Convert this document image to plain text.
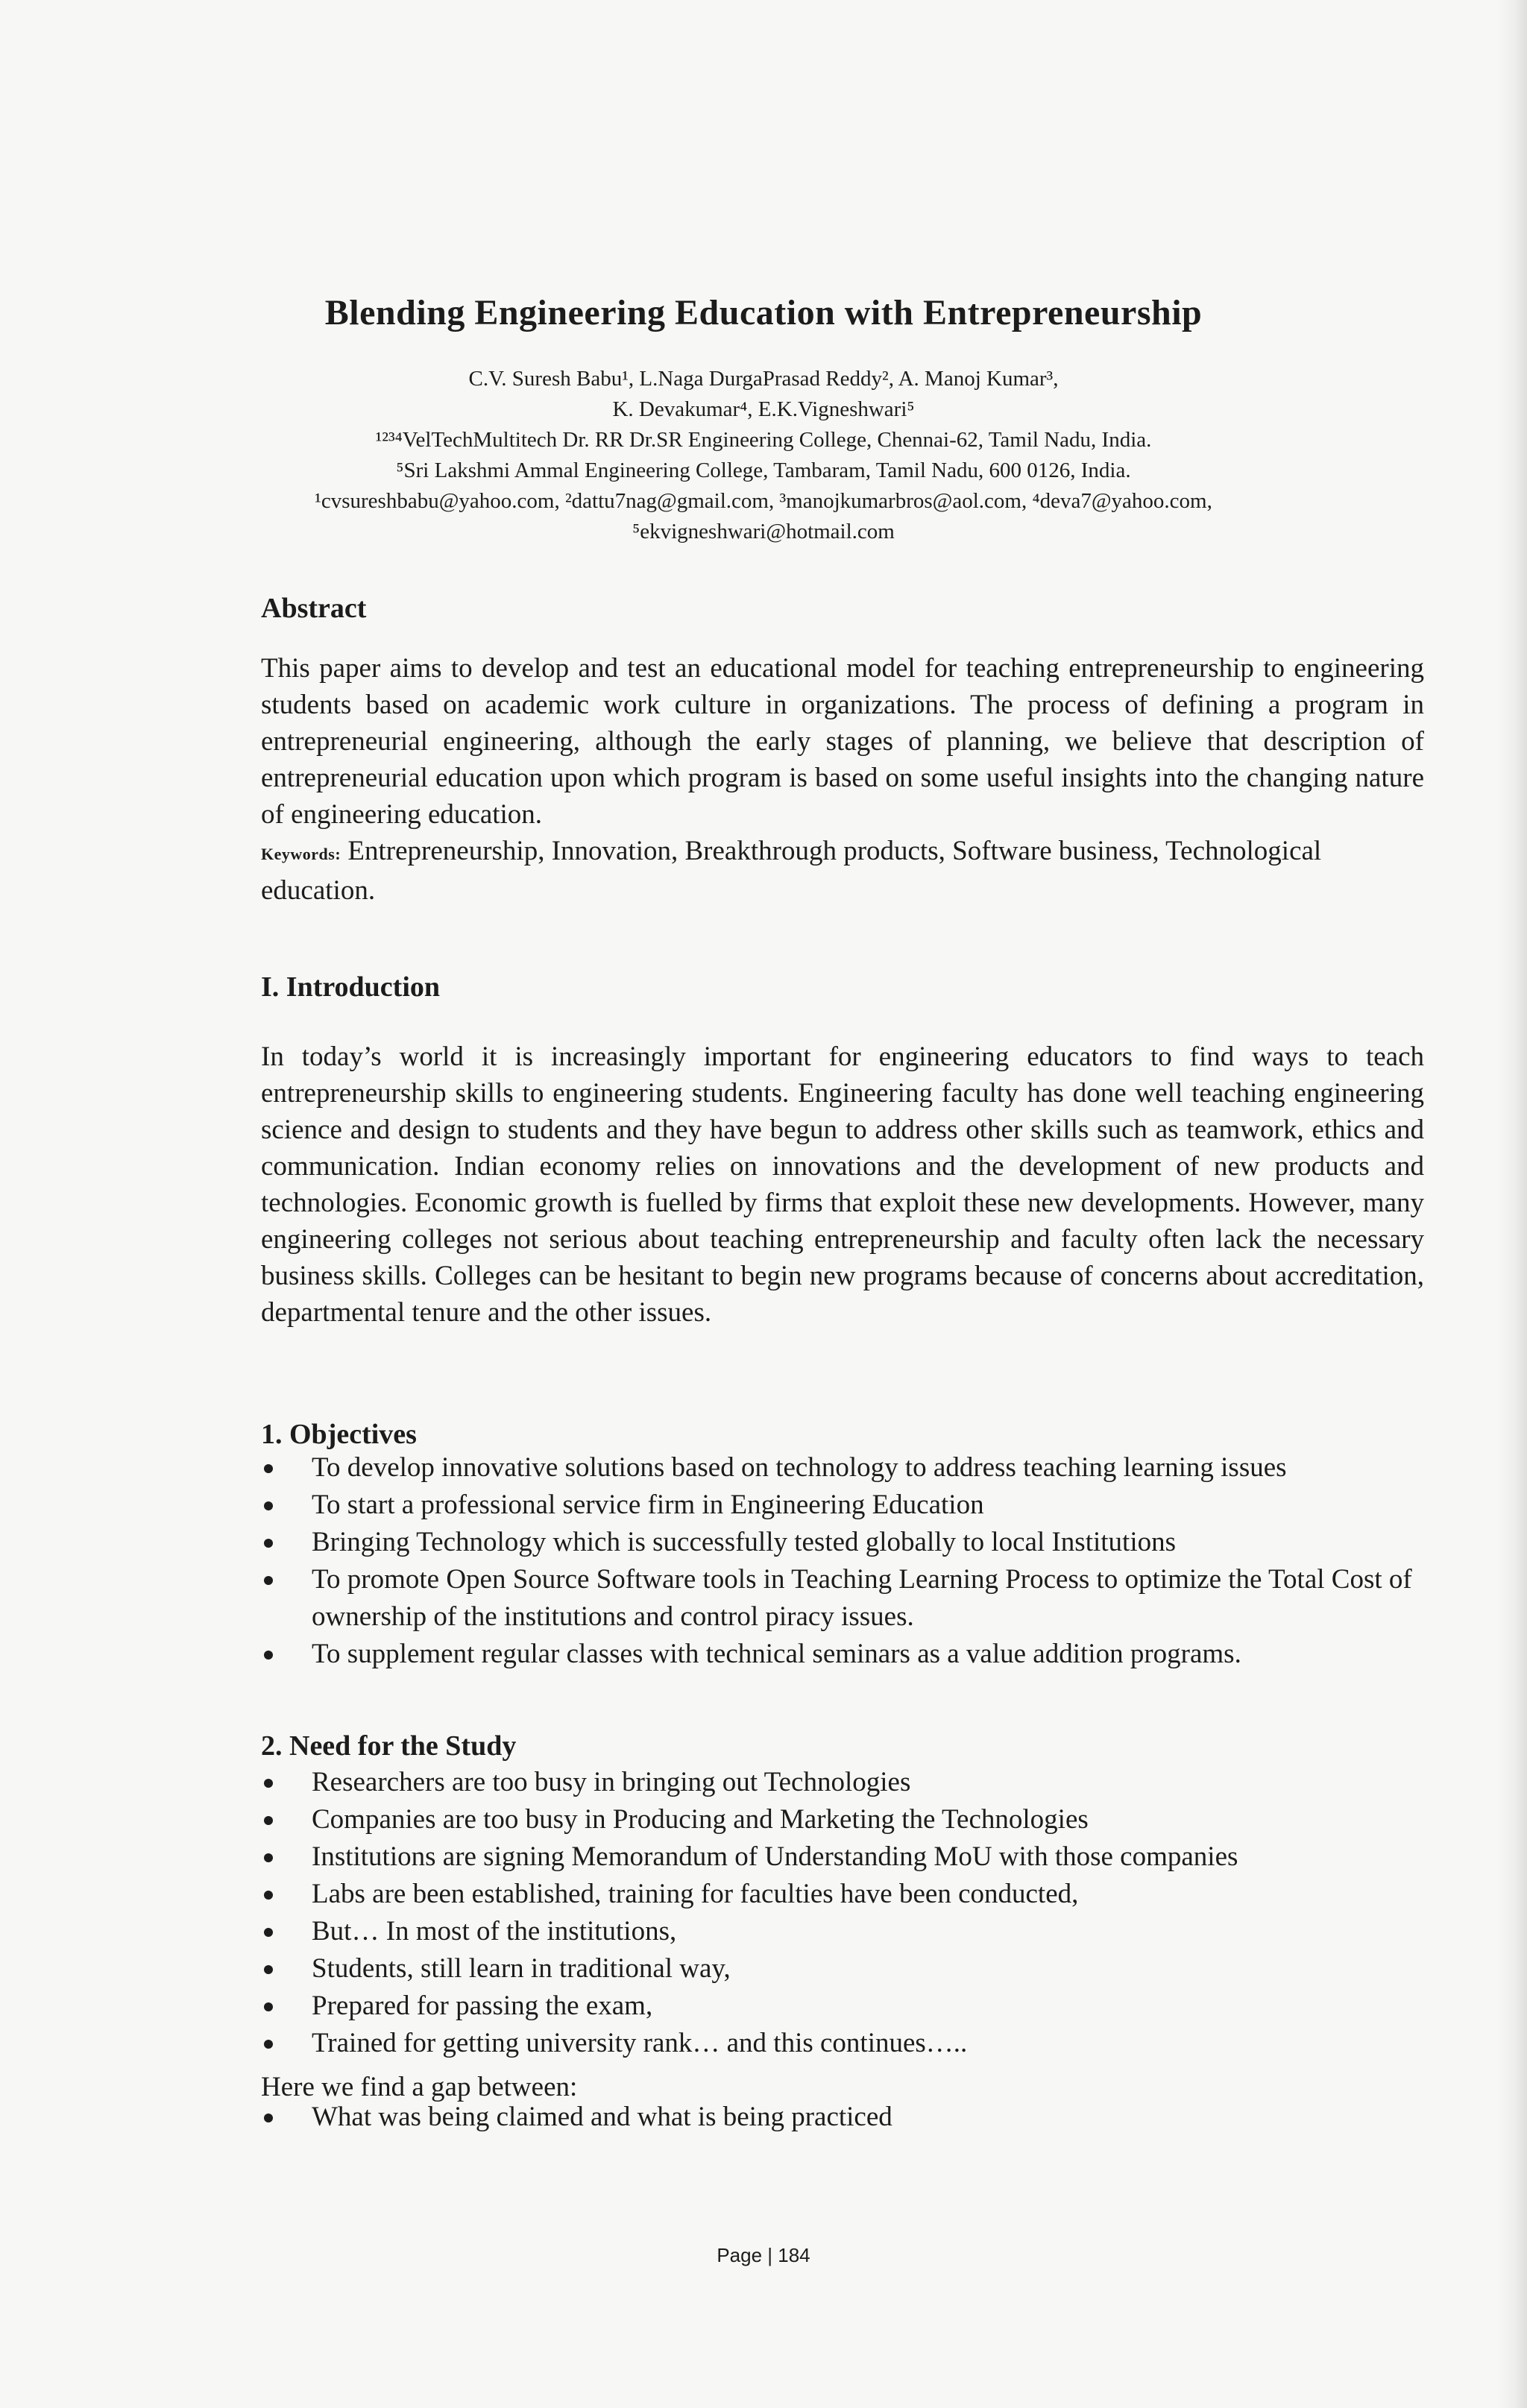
Blending Engineering Education with Entrepreneurship
C.V. Suresh Babu¹, L.Naga DurgaPrasad Reddy², A. Manoj Kumar³,
K. Devakumar⁴, E.K.Vigneshwari⁵
¹²³⁴VelTechMultitech Dr. RR Dr.SR Engineering College, Chennai-62, Tamil Nadu, India.
⁵Sri Lakshmi Ammal Engineering College, Tambaram, Tamil Nadu, 600 0126, India.
¹cvsureshbabu@yahoo.com, ²dattu7nag@gmail.com, ³manojkumarbros@aol.com, ⁴deva7@yahoo.com,
⁵ekvigneshwari@hotmail.com
Abstract
This paper aims to develop and test an educational model for teaching entrepreneurship to engineering students based on academic work culture in organizations. The process of defining a program in entrepreneurial engineering, although the early stages of planning, we believe that description of entrepreneurial education upon which program is based on some useful insights into the changing nature of engineering education.
Keywords: Entrepreneurship, Innovation, Breakthrough products, Software business, Technological education.
I. Introduction
In today’s world it is increasingly important for engineering educators to find ways to teach entrepreneurship skills to engineering students. Engineering faculty has done well teaching engineering science and design to students and they have begun to address other skills such as teamwork, ethics and communication. Indian economy relies on innovations and the development of new products and technologies. Economic growth is fuelled by firms that exploit these new developments. However, many engineering colleges not serious about teaching entrepreneurship and faculty often lack the necessary business skills. Colleges can be hesitant to begin new programs because of concerns about accreditation, departmental tenure and the other issues.
1. Objectives
To develop innovative solutions based on technology to address teaching learning issues
To start a professional service firm in Engineering Education
Bringing Technology which is successfully tested globally to local Institutions
To promote Open Source Software tools in Teaching Learning Process to optimize the Total Cost of ownership of the institutions and control piracy issues.
To supplement regular classes with technical seminars as a value addition programs.
2. Need for the Study
Researchers are too busy in bringing out Technologies
Companies are too busy in Producing and Marketing the Technologies
Institutions are signing Memorandum of Understanding MoU with those companies
Labs are been established, training for faculties have been conducted,
But… In most of the institutions,
Students, still learn in traditional way,
Prepared for passing the exam,
Trained for getting university rank… and this continues…..
Here we find a gap between:
What was being claimed and what is being practiced
Page | 184
